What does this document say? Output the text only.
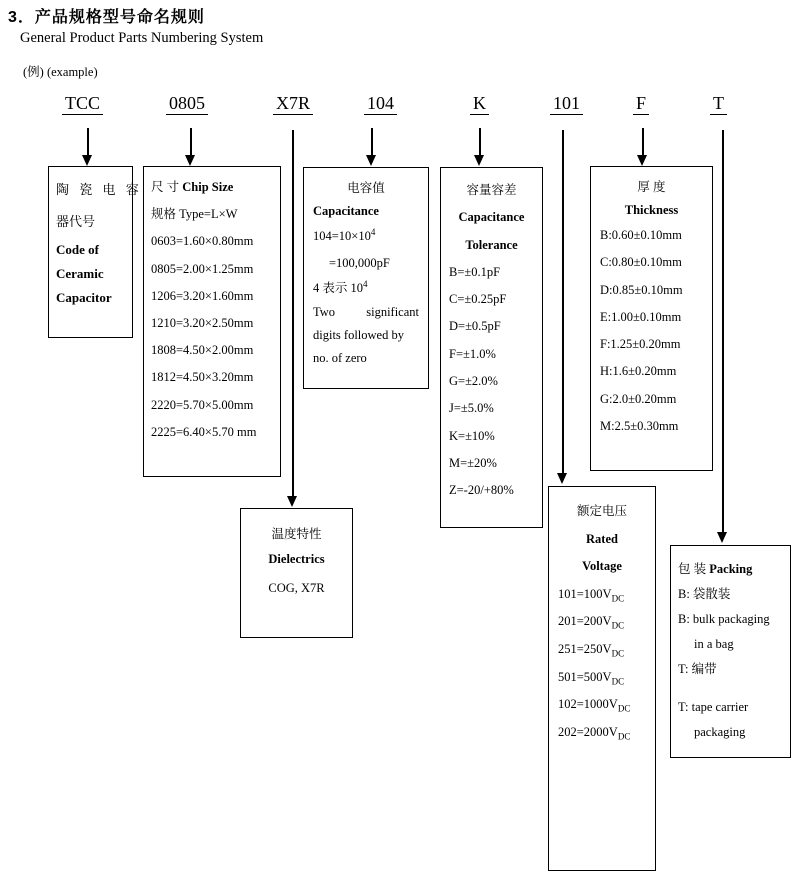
3．产品规格型号命名规则
General Product Parts Numbering System
(例) (example)
TCC	0805	X7R	104	K	101	F	T
陶 瓷 电 容
器代号
Code of
Ceramic
Capacitor
尺 寸 Chip Size
规格 Type=L×W
0603=1.60×0.80mm
0805=2.00×1.25mm
1206=3.20×1.60mm
1210=3.20×2.50mm
1808=4.50×2.00mm
1812=4.50×3.20mm
2220=5.70×5.00mm
2225=6.40×5.70 mm
电容值
Capacitance
$104=10\times 10^4$
=100,000pF
4 表示 $10^4$
Two significant
digits followed by
no. of zero
容量容差
Capacitance
Tolerance
B=±0.1pF
C=±0.25pF
D=±0.5pF
F=±1.0%
G=±2.0%
J=±5.0%
K=±10%
M=±20%
Z=-20/+80%
厚 度
Thickness
B:0.60±0.10mm
C:0.80±0.10mm
D:0.85±0.10mm
E:1.00±0.10mm
F:1.25±0.20mm
H:1.6±0.20mm
G:2.0±0.20mm
M:2.5±0.30mm
温度特性
Dielectrics
COG, X7R
额定电压
Rated
Voltage
$101=100V_{DC}$
$201=200V_{DC}$
$251=250V_{DC}$
$501=500V_{DC}$
$102=1000V_{DC}$
$202=2000V_{DC}$
包 装 Packing
B: 袋散装
B: bulk packaging
in a bag
T: 编带
T: tape carrier
packaging
